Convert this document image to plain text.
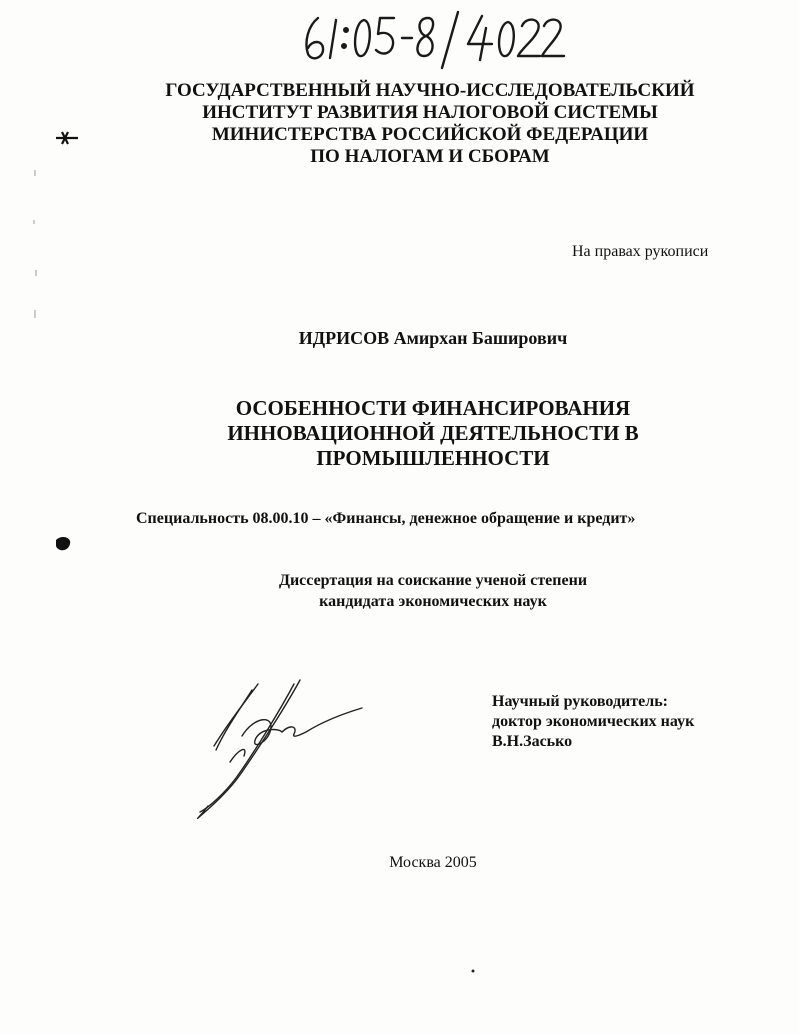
ГОСУДАРСТВЕННЫЙ НАУЧНО-ИССЛЕДОВАТЕЛЬСКИЙ
ИНСТИТУТ РАЗВИТИЯ НАЛОГОВОЙ СИСТЕМЫ
МИНИСТЕРСТВА РОССИЙСКОЙ ФЕДЕРАЦИИ
ПО НАЛОГАМ И СБОРАМ
На правах рукописи
ИДРИСОВ Амирхан Баширович
ОСОБЕННОСТИ ФИНАНСИРОВАНИЯ
ИННОВАЦИОННОЙ ДЕЯТЕЛЬНОСТИ В
ПРОМЫШЛЕННОСТИ
Специальность 08.00.10 – «Финансы, денежное обращение и кредит»
Диссертация на соискание ученой степени
кандидата экономических наук
Научный руководитель:
доктор экономических наук
В.Н.Засько
Москва 2005
